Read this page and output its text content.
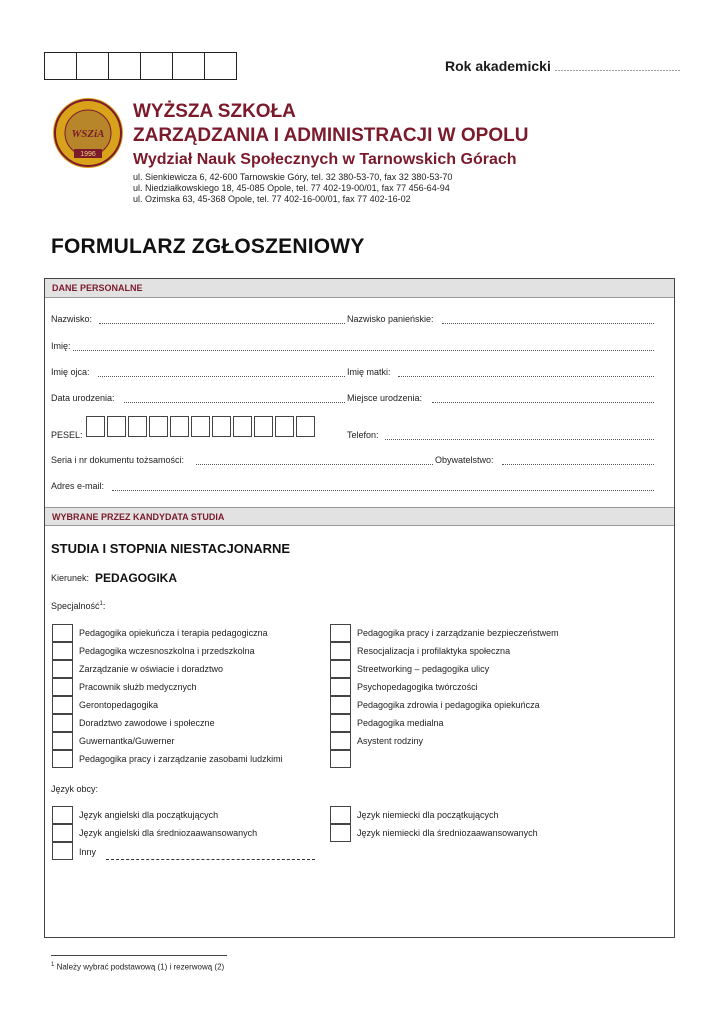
Rok akademicki ..........................................
WSZiA
1996
WYŻSZA SZKOŁA
ZARZĄDZANIA I ADMINISTRACJI W OPOLU
Wydział Nauk Społecznych w Tarnowskich Górach
ul. Sienkiewicza 6, 42-600 Tarnowskie Góry, tel. 32 380-53-70, fax 32 380-53-70
ul. Niedziałkowskiego 18, 45-085 Opole, tel. 77 402-19-00/01, fax 77 456-64-94
ul. Ozimska 63, 45-368 Opole, tel. 77 402-16-00/01, fax 77 402-16-02
FORMULARZ ZGŁOSZENIOWY
DANE PERSONALNE
Nazwisko:	Nazwisko panieńskie:
Imię:
Imię ojca:	Imię matki:
Data urodzenia:	Miejsce urodzenia:
PESEL:	Telefon:
Seria i nr dokumentu tożsamości:	Obywatelstwo:
Adres e-mail:
WYBRANE PRZEZ KANDYDATA STUDIA
STUDIA I STOPNIA NIESTACJONARNE
Kierunek: PEDAGOGIKA
Specjalność$^1$:
Pedagogika opiekuńcza i terapia pedagogiczna
Pedagogika wczesnoszkolna i przedszkolna
Zarządzanie w oświacie i doradztwo
Pracownik służb medycznych
Gerontopedagogika
Doradztwo zawodowe i społeczne
Guwernantka/Guwerner
Pedagogika pracy i zarządzanie zasobami ludzkimi
Pedagogika pracy i zarządzanie bezpieczeństwem
Resocjalizacja i profilaktyka społeczna
Streetworking – pedagogika ulicy
Psychopedagogika twórczości
Pedagogika zdrowia i pedagogika opiekuńcza
Pedagogika medialna
Asystent rodziny
Język obcy:
Język angielski dla początkujących
Język angielski dla średniozaawansowanych
Inny
Język niemiecki dla początkujących
Język niemiecki dla średniozaawansowanych
$^1$ Należy wybrać podstawową (1) i rezerwową (2)
